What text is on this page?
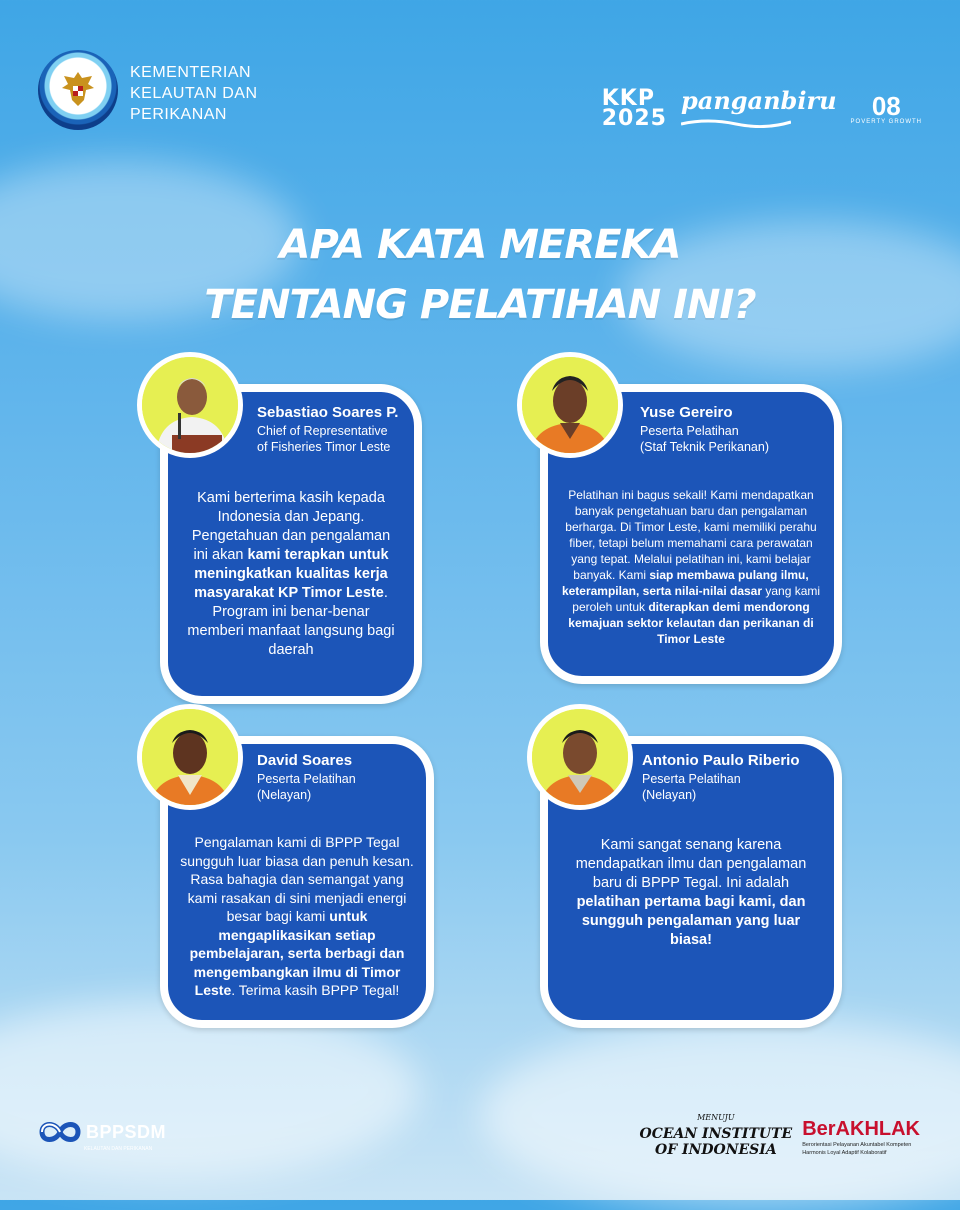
KEMENTERIAN
KELAUTAN DAN
PERIKANAN
KKP
2025
panganbiru	08
POVERTY GROWTH
APA KATA MEREKA
TENTANG PELATIHAN INI?
Sebastiao Soares P.
Chief of Representative
of Fisheries Timor Leste
Kami berterima kasih kepada Indonesia dan Jepang. Pengetahuan dan pengalaman ini akan kami terapkan untuk meningkatkan kualitas kerja masyarakat KP Timor Leste. Program ini benar-benar memberi manfaat langsung bagi daerah
Yuse Gereiro
Peserta Pelatihan
(Staf Teknik Perikanan)
Pelatihan ini bagus sekali! Kami mendapatkan banyak pengetahuan baru dan pengalaman berharga. Di Timor Leste, kami memiliki perahu fiber, tetapi belum memahami cara perawatan yang tepat. Melalui pelatihan ini, kami belajar banyak. Kami siap membawa pulang ilmu, keterampilan, serta nilai-nilai dasar yang kami peroleh untuk diterapkan demi mendorong kemajuan sektor kelautan dan perikanan di Timor Leste
David Soares
Peserta Pelatihan
(Nelayan)
Pengalaman kami di BPPP Tegal sungguh luar biasa dan penuh kesan. Rasa bahagia dan semangat yang kami rasakan di sini menjadi energi besar bagi kami untuk mengaplikasikan setiap pembelajaran, serta berbagi dan mengembangkan ilmu di Timor Leste. Terima kasih BPPP Tegal!
Antonio Paulo Riberio
Peserta Pelatihan
(Nelayan)
Kami sangat senang karena mendapatkan ilmu dan pengalaman baru di BPPP Tegal. Ini adalah pelatihan pertama bagi kami, dan sungguh pengalaman yang luar biasa!
BPPSDM
KELAUTAN DAN PERIKANAN
MENUJU
OCEAN INSTITUTE
OF INDONESIA
BerAKHLAK
Berorientasi Pelayanan Akuntabel Kompeten
Harmonis Loyal Adaptif Kolaboratif
